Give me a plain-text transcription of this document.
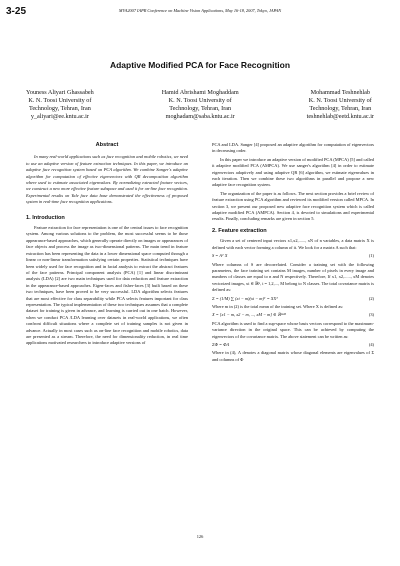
3-25	MVA2007 IAPR Conference on Machine Vision Applications, May 16-18, 2007, Tokyo, JAPAN
Adaptive Modified PCA for Face Recognition
Youness Aliyari Ghassabeh
K. N. Toosi University of
Technology, Tehran, Iran
y_aliyari@ee.kntu.ac.ir
Hamid Abrishami Moghaddam
K. N. Toosi University of
Technology, Tehran, Iran
moghadam@saba.kntu.ac.ir
Mohammad Teshnehlab
K. N. Toosi University of
Technology, Tehran, Iran
teshnehlab@eetd.kntu.ac.ir
Abstract

In many real-world applications such as face recognition and mobile robotics, we need to use an adaptive version of feature extraction techniques. In this paper, we introduce an adaptive face recognition system based on PCA algorithm. We combine Sanger's adaptive algorithm for computation of effective eigenvectors with QR decomposition algorithm where used to estimate associated eigenvalues. By normalizing extracted feature vectors, we construct a new more effective feature subspace and used it for on-line face recognition. Experimental results on Yale face data base demonstrated the effectiveness of proposed system in real-time face recognition applications.

1. Introduction

Feature extraction for face representation is one of the central issues to face recognition system. Among various solutions to the problem, the most successful seems to be those appearance-based approaches, which generally operate directly on images or appearances of face objects and process the image as two-dimensional patterns. The main trend in feature extraction has been representing the data in a lower dimensional space computed through a linear or non-linear transformation satisfying certain properties. Statistical techniques have been widely used for face recognition and in facial analysis to extract the abstract features of the face patterns. Principal component analysis (PCA) [1] and linear discriminant analysis (LDA) [2] are two main techniques used for data reduction and feature extraction in the appearance-based approaches. Eigen-faces and fisher-faces [3] built based on these two techniques, have been proved to be very successful. LDA algorithm selects features that are most effective for class separability while PCA selects features important for class representation. The typical implementation of these two techniques assumes that a complete dataset for training is given in advance, and learning is carried out in one batch. However, when we conduct PCA /LDA learning over datasets in real-world applications, we often confront difficult situations where a complete set of training samples is not given in advance. Actually in most cases such as on-line face recognition and mobile robotics, data are presented as a stream. Therefore, the need for dimensionality reduction, in real time applications motivated researchers to introduce adaptive versions of

PCA and LDA. Sanger [4] proposed an adaptive algorithm for computation of eigenvectors in decreasing order.

In this paper we introduce an adaptive version of modified PCA (MPCA) [5] and called it adaptive modified PCA (AMPCA). We use sanger's algorithm [4] in order to estimate eigenvectors adaptively and using adaptive QR [6] algorithm, we estimate eigenvalues in each iteration. Then we combine these two algorithms in parallel and propose a new adaptive face recognition system.

The organization of the paper is as follows. The next section provides a brief review of feature extraction using PCA algorithm and reviewed its modified version called MPCA. In section 3, we present our proposed new adaptive face recognition system which is called adaptive modified PCA (AMPCA). Section 4, is devoted to simulations and experimental results. Finally, concluding remarks are given in section 5.

2. Feature extraction

Given a set of centered input vectors x1,x2,......, xN of n variables, a data matrix X is defined with each vector forming a column of it. We look for a matrix A such that:

S = Aᵀ X	(1)

Where columns of S are decorrelated. Consider a training set with the following parameters, the face training set contains M images, number of pixels in every image and numbers of classes are equal to n and N respectively. Therefore, If x1, x2,......, xM denotes vectorized images, xi ∈ ℝⁿ, i = 1,2,..., M belong to N classes. The total covariance matrix is defined as:

Σ = (1/M) ∑ (xi − m)(xi − m)ᵀ = XXᵀ	(2)

Where m in (2) is the total mean of the training set. Where X is defined as:

X = [x1 − m, x2 − m, ..., xM − m] ∈ ℝⁿˣᴹ	(3)

PCA algorithm is used to find a sup-space whose basis vectors correspond to the maximum-variance direction in the original space. This can be achieved by computing the eigenvectors of the covariance matrix. The above statement can be written as:

ΣΦ = ΦΛ	(4)

Where in (4), Λ denotes a diagonal matrix whose diagonal elements are eigenvalues of Σ and columns of Φ

126
